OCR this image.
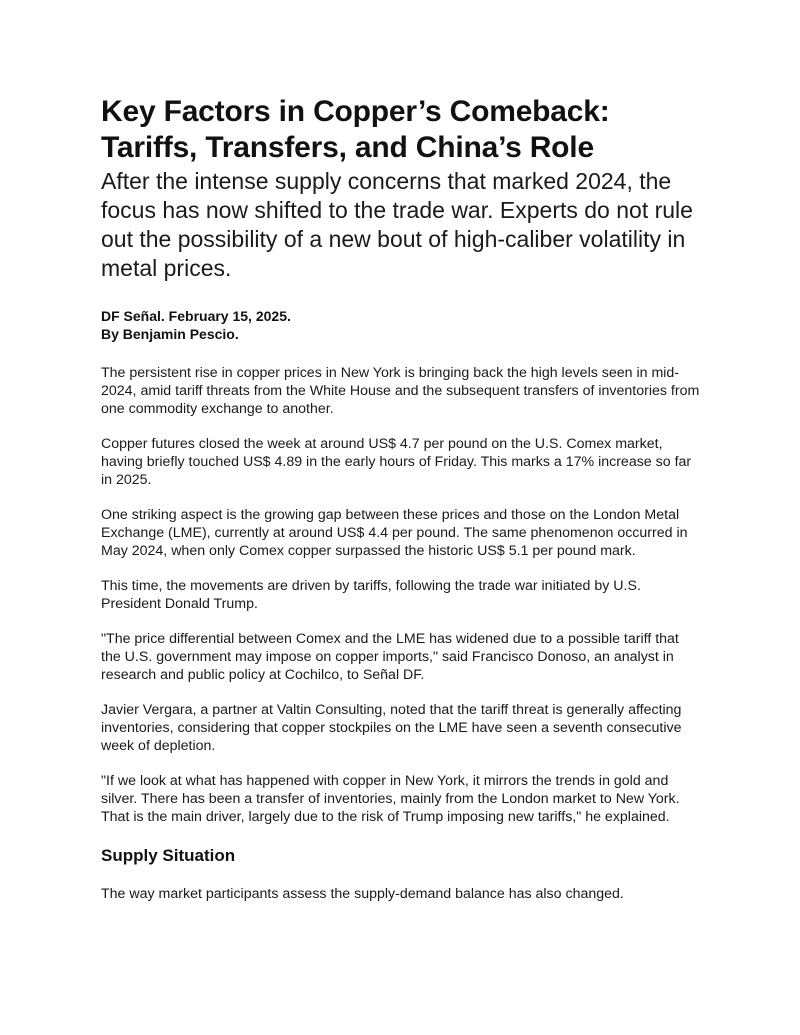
Key Factors in Copper’s Comeback:
Tariffs, Transfers, and China’s Role

After the intense supply concerns that marked 2024, the focus has now shifted to the trade war. Experts do not rule out the possibility of a new bout of high-caliber volatility in metal prices.

DF Señal. February 15, 2025.
By Benjamin Pescio.

The persistent rise in copper prices in New York is bringing back the high levels seen in mid-2024, amid tariff threats from the White House and the subsequent transfers of inventories from one commodity exchange to another.

Copper futures closed the week at around US$ 4.7 per pound on the U.S. Comex market, having briefly touched US$ 4.89 in the early hours of Friday. This marks a 17% increase so far in 2025.

One striking aspect is the growing gap between these prices and those on the London Metal Exchange (LME), currently at around US$ 4.4 per pound. The same phenomenon occurred in May 2024, when only Comex copper surpassed the historic US$ 5.1 per pound mark.

This time, the movements are driven by tariffs, following the trade war initiated by U.S. President Donald Trump.

"The price differential between Comex and the LME has widened due to a possible tariff that the U.S. government may impose on copper imports," said Francisco Donoso, an analyst in research and public policy at Cochilco, to Señal DF.

Javier Vergara, a partner at Valtin Consulting, noted that the tariff threat is generally affecting inventories, considering that copper stockpiles on the LME have seen a seventh consecutive week of depletion.

"If we look at what has happened with copper in New York, it mirrors the trends in gold and silver. There has been a transfer of inventories, mainly from the London market to New York. That is the main driver, largely due to the risk of Trump imposing new tariffs," he explained.

Supply Situation

The way market participants assess the supply-demand balance has also changed.
